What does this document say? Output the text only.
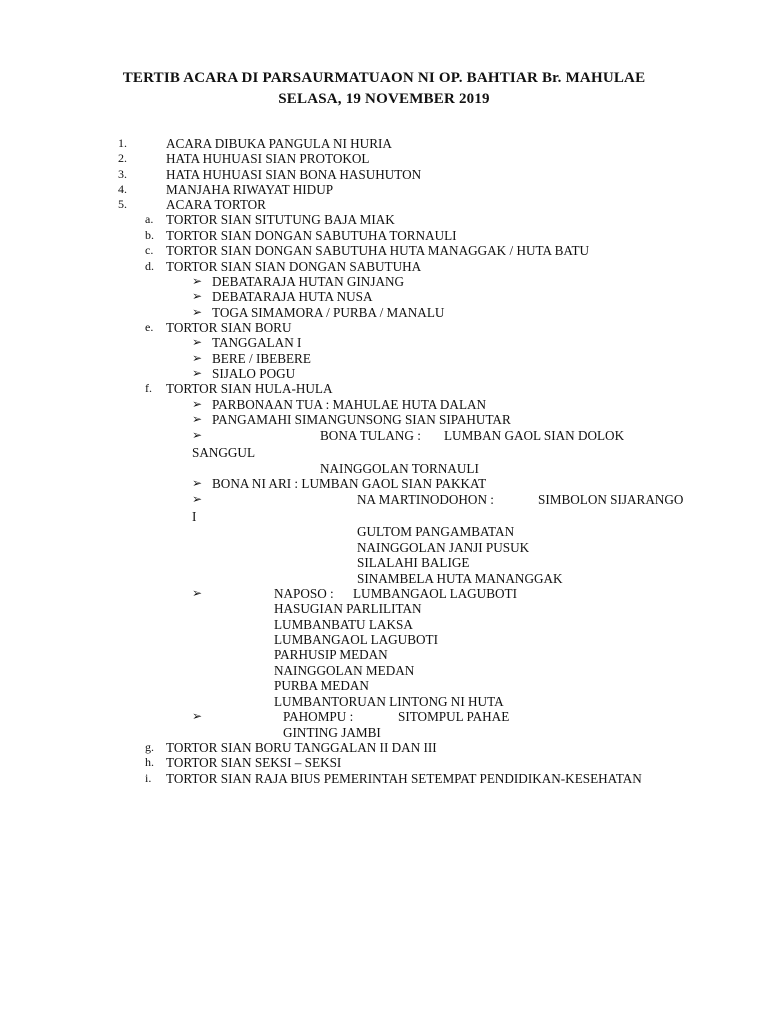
TERTIB ACARA DI PARSAURMATUAON NI OP. BAHTIAR Br. MAHULAE
SELASA, 19 NOVEMBER 2019
1.	ACARA DIBUKA PANGULA NI HURIA
2.	HATA HUHUASI SIAN PROTOKOL
3.	HATA HUHUASI SIAN BONA HASUHUTON
4.	MANJAHA RIWAYAT HIDUP
5.	ACARA TORTOR
a. TORTOR SIAN SITUTUNG BAJA MIAK
b. TORTOR SIAN DONGAN SABUTUHA TORNAULI
c. TORTOR SIAN DONGAN SABUTUHA HUTA MANAGGAK / HUTA BATU
d. TORTOR SIAN SIAN DONGAN SABUTUHA
➢ DEBATARAJA HUTAN GINJANG
➢ DEBATARAJA HUTA NUSA
➢ TOGA SIMAMORA / PURBA / MANALU
e. TORTOR SIAN BORU
➢ TANGGALAN I
➢ BERE / IBEBERE
➢ SIJALO POGU
f. TORTOR SIAN HULA-HULA
➢ PARBONAAN TUA : MAHULAE HUTA DALAN
➢ PANGAMAHI SIMANGUNSONG SIAN SIPAHUTAR
➢	BONA TULANG : LUMBAN GAOL SIAN DOLOK
SANGGUL
NAINGGOLAN TORNAULI
➢ BONA NI ARI : LUMBAN GAOL SIAN PAKKAT
➢	NA MARTINODOHON :	SIMBOLON SIJARANGO
I
GULTOM PANGAMBATAN
NAINGGOLAN JANJI PUSUK
SILALAHI BALIGE
SINAMBELA HUTA MANANGGAK
➢	NAPOSO : LUMBANGAOL LAGUBOTI
HASUGIAN PARLILITAN
LUMBANBATU LAKSA
LUMBANGAOL LAGUBOTI
PARHUSIP MEDAN
NAINGGOLAN MEDAN
PURBA MEDAN
LUMBANTORUAN LINTONG NI HUTA
➢	PAHOMPU :	SITOMPUL PAHAE
GINTING JAMBI
g. TORTOR SIAN BORU TANGGALAN II DAN III
h. TORTOR SIAN SEKSI – SEKSI
i. TORTOR SIAN RAJA BIUS PEMERINTAH SETEMPAT PENDIDIKAN-KESEHATAN
